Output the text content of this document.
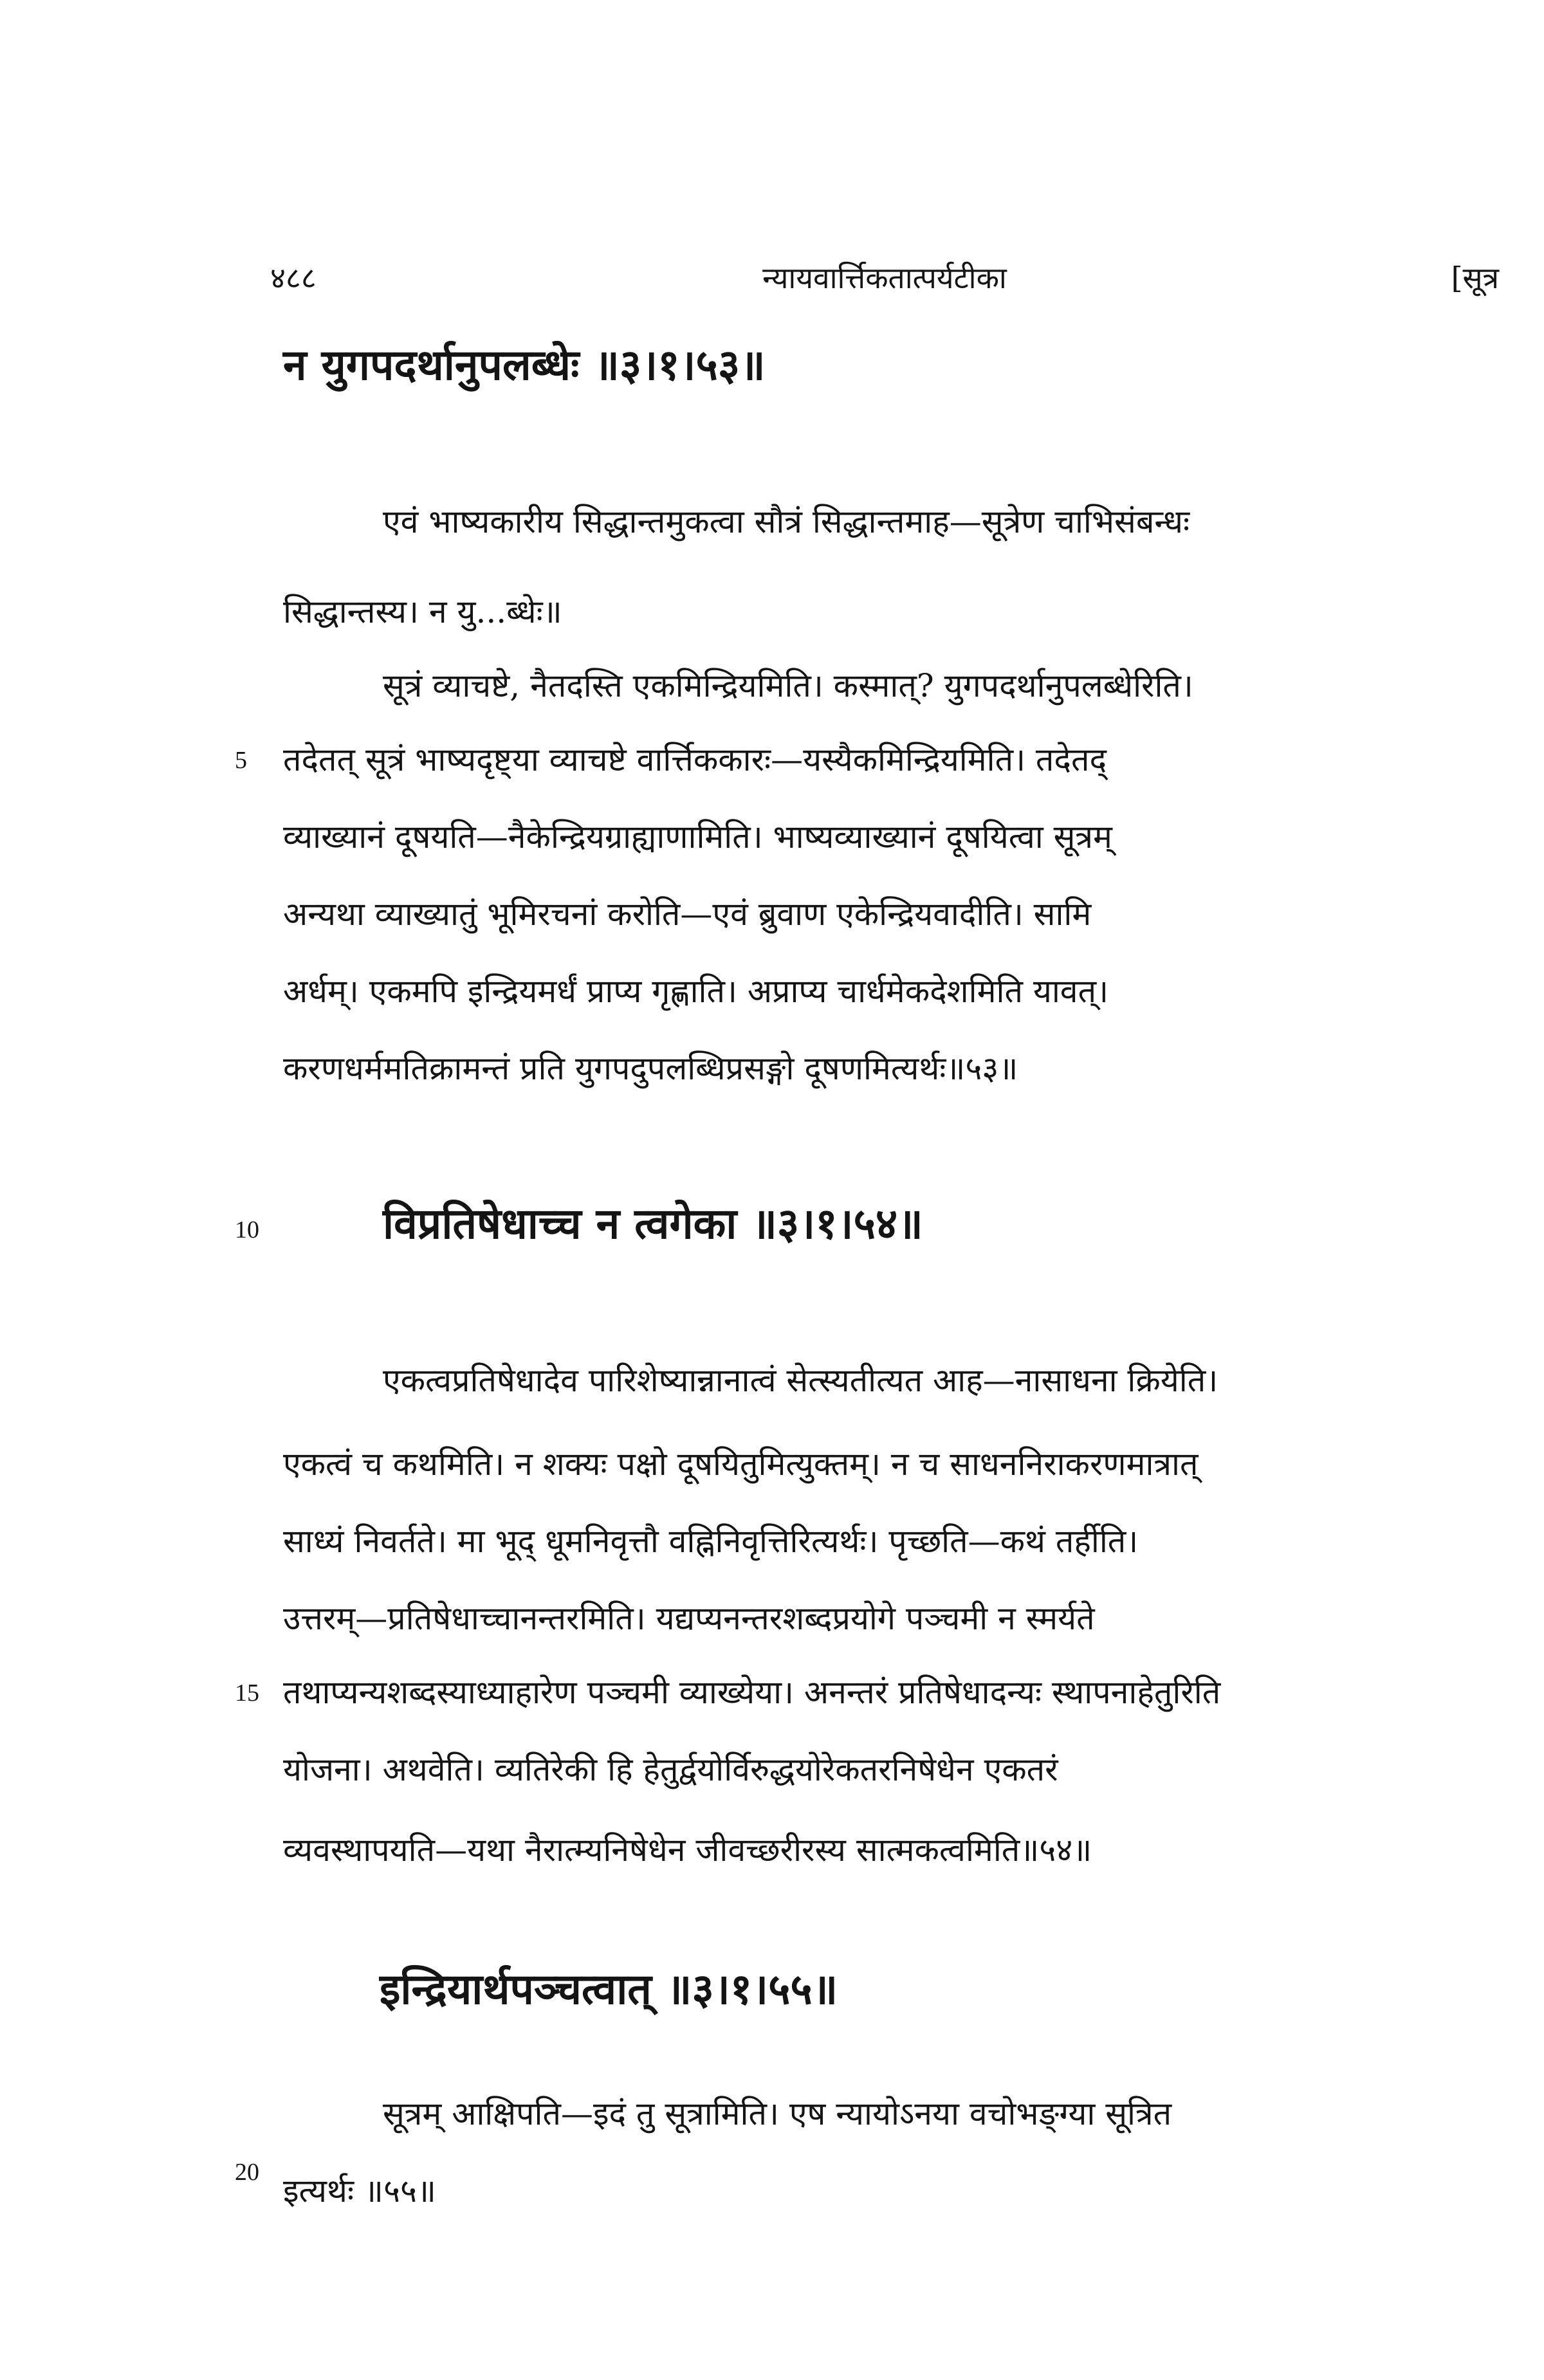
४८८	न्यायवार्त्तिकतात्पर्यटीका	[सूत्र
न युगपदर्थानुपलब्धेः ॥३।१।५३॥
एवं भाष्यकारीय सिद्धान्तमुकत्वा सौत्रं सिद्धान्तमाह—सूत्रेण चाभिसंबन्धः
सिद्धान्तस्य। न यु...ब्धेः॥
सूत्रं व्याचष्टे, नैतदस्ति एकमिन्द्रियमिति। कस्मात्? युगपदर्थानुपलब्धेरिति।
तदेतत् सूत्रं भाष्यदृष्ट्या व्याचष्टे वार्त्तिककारः—यस्यैकमिन्द्रियमिति। तदेतद्
5
व्याख्यानं दूषयति—नैकेन्द्रियग्राह्याणामिति। भाष्यव्याख्यानं दूषयित्वा सूत्रम्
अन्यथा व्याख्यातुं भूमिरचनां करोति—एवं ब्रुवाण एकेन्द्रियवादीति। सामि
अर्धम्। एकमपि इन्द्रियमर्धं प्राप्य गृह्णाति। अप्राप्य चार्धमेकदेशमिति यावत्।
करणधर्ममतिक्रामन्तं प्रति युगपदुपलब्धिप्रसङ्गो दूषणमित्यर्थः॥५३॥
10	विप्रतिषेधाच्च न त्वगेका ॥३।१।५४॥
एकत्वप्रतिषेधादेव पारिशेष्यान्नानात्वं सेत्स्यतीत्यत आह—नासाधना क्रियेति।
एकत्वं च कथमिति। न शक्यः पक्षो दूषयितुमित्युक्तम्। न च साधननिराकरणमात्रात्
साध्यं निवर्तते। मा भूद् धूमनिवृत्तौ वह्निनिवृत्तिरित्यर्थः। पृच्छति—कथं तर्हीति।
उत्तरम्—प्रतिषेधाच्चानन्तरमिति। यद्यप्यनन्तरशब्दप्रयोगे पञ्चमी न स्मर्यते
15 तथाप्यन्यशब्दस्याध्याहारेण पञ्चमी व्याख्येया। अनन्तरं प्रतिषेधादन्यः स्थापनाहेतुरिति
योजना। अथवेति। व्यतिरेकी हि हेतुर्द्वयोर्विरुद्धयोरेकतरनिषेधेन एकतरं
व्यवस्थापयति—यथा नैरात्म्यनिषेधेन जीवच्छरीरस्य सात्मकत्वमिति॥५४॥
इन्द्रियार्थपञ्चत्वात् ॥३।१।५५॥
सूत्रम् आक्षिपति—इदं तु सूत्रामिति। एष न्यायोऽनया वचोभङ्ग्या सूत्रित
20 इत्यर्थः ॥५५॥
